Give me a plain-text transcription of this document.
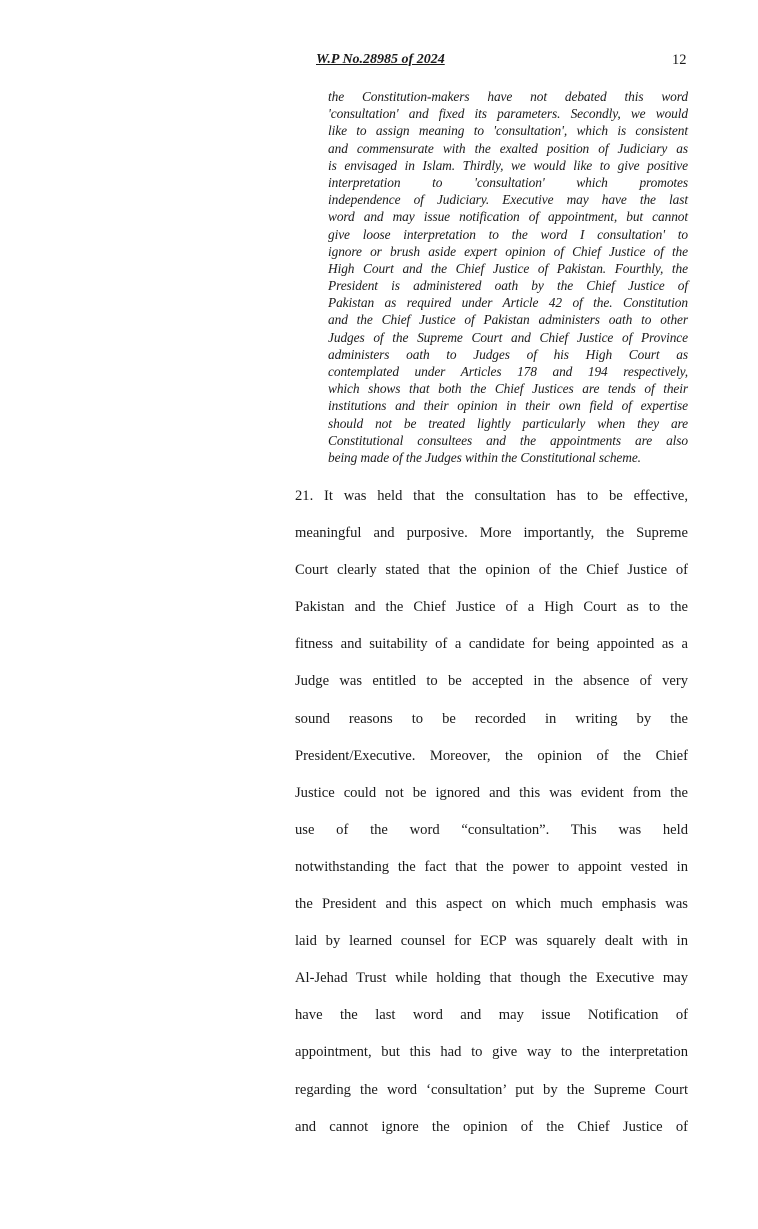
W.P No.28985 of 2024	12
the Constitution-makers have not debated this word
'consultation' and fixed its parameters. Secondly, we would
like to assign meaning to 'consultation', which is consistent
and commensurate with the exalted position of Judiciary as
is envisaged in Islam. Thirdly, we would like to give positive
interpretation to 'consultation' which promotes
independence of Judiciary. Executive may have the last
word and may issue notification of appointment, but cannot
give loose interpretation to the word I consultation' to
ignore or brush aside expert opinion of Chief Justice of the
High Court and the Chief Justice of Pakistan. Fourthly, the
President is administered oath by the Chief Justice of
Pakistan as required under Article 42 of the. Constitution
and the Chief Justice of Pakistan administers oath to other
Judges of the Supreme Court and Chief Justice of Province
administers oath to Judges of his High Court as
contemplated under Articles 178 and 194 respectively,
which shows that both the Chief Justices are tends of their
institutions and their opinion in their own field of expertise
should not be treated lightly particularly when they are
Constitutional consultees and the appointments are also
being made of the Judges within the Constitutional scheme.
21. It was held that the consultation has to be effective,
meaningful and purposive. More importantly, the Supreme
Court clearly stated that the opinion of the Chief Justice of
Pakistan and the Chief Justice of a High Court as to the
fitness and suitability of a candidate for being appointed as a
Judge was entitled to be accepted in the absence of very
sound reasons to be recorded in writing by the
President/Executive. Moreover, the opinion of the Chief
Justice could not be ignored and this was evident from the
use of the word “consultation”. This was held
notwithstanding the fact that the power to appoint vested in
the President and this aspect on which much emphasis was
laid by learned counsel for ECP was squarely dealt with in
Al-Jehad Trust while holding that though the Executive may
have the last word and may issue Notification of
appointment, but this had to give way to the interpretation
regarding the word ‘consultation’ put by the Supreme Court
and cannot ignore the opinion of the Chief Justice of
